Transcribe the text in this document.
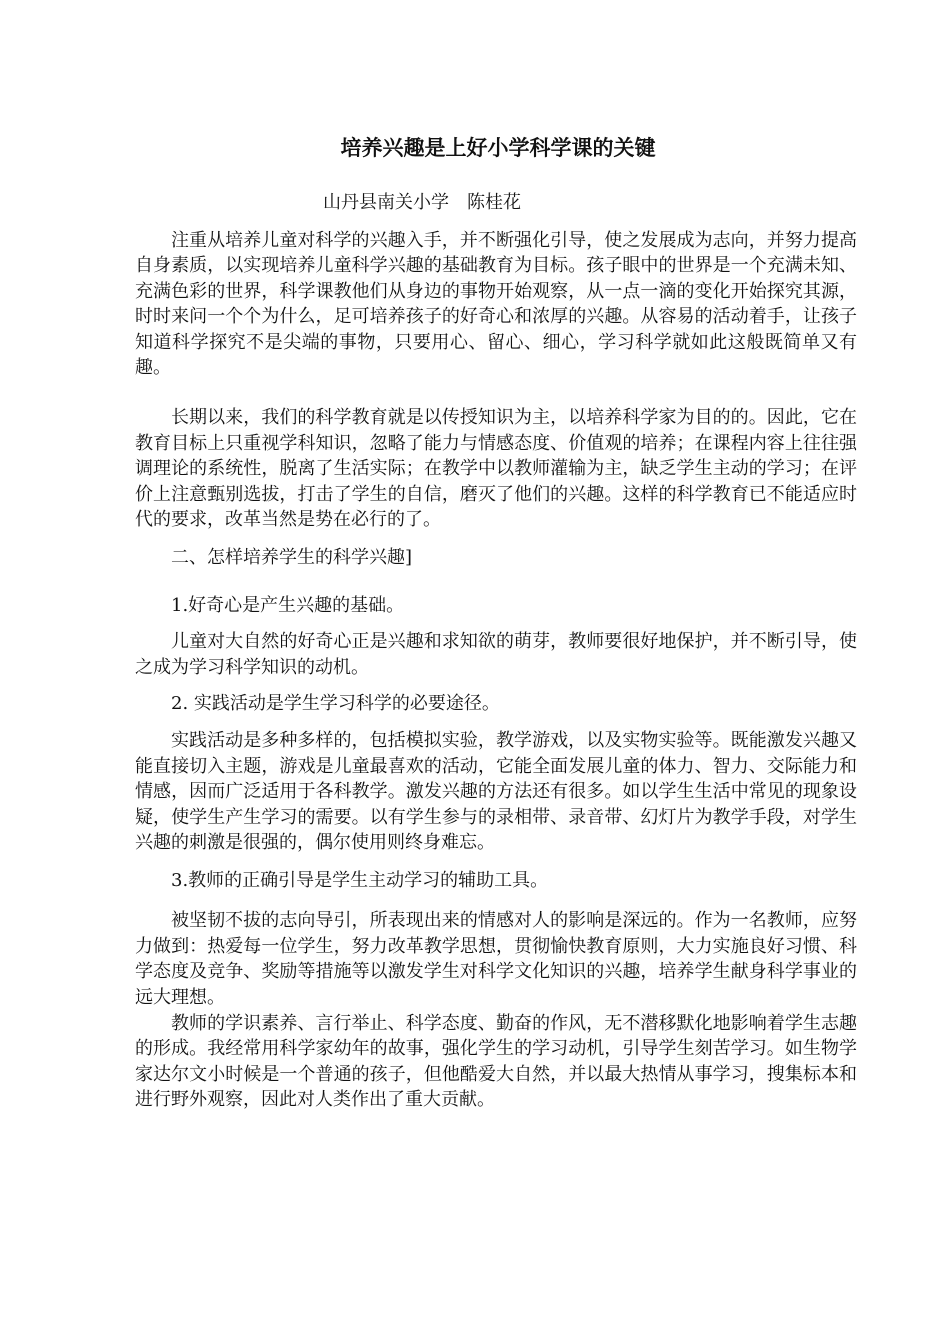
培养兴趣是上好小学科学课的关键
山丹县南关小学　陈桂花

注重从培养儿童对科学的兴趣入手，并不断强化引导，使之发展成为志向，并努力提高自身素质，以实现培养儿童科学兴趣的基础教育为目标。孩子眼中的世界是一个充满未知、充满色彩的世界，科学课教他们从身边的事物开始观察，从一点一滴的变化开始探究其源，时时来问一个个为什么，足可培养孩子的好奇心和浓厚的兴趣。从容易的活动着手，让孩子知道科学探究不是尖端的事物，只要用心、留心、细心，学习科学就如此这般既简单又有趣。

长期以来，我们的科学教育就是以传授知识为主，以培养科学家为目的的。因此，它在教育目标上只重视学科知识，忽略了能力与情感态度、价值观的培养；在课程内容上往往强调理论的系统性，脱离了生活实际；在教学中以教师灌输为主，缺乏学生主动的学习；在评价上注意甄别选拔，打击了学生的自信，磨灭了他们的兴趣。这样的科学教育已不能适应时代的要求，改革当然是势在必行的了。

二、怎样培养学生的科学兴趣]

1.好奇心是产生兴趣的基础。

儿童对大自然的好奇心正是兴趣和求知欲的萌芽，教师要很好地保护，并不断引导，使之成为学习科学知识的动机。

2. 实践活动是学生学习科学的必要途径。

实践活动是多种多样的，包括模拟实验，教学游戏，以及实物实验等。既能激发兴趣又能直接切入主题，游戏是儿童最喜欢的活动，它能全面发展儿童的体力、智力、交际能力和情感，因而广泛适用于各科教学。激发兴趣的方法还有很多。如以学生生活中常见的现象设疑，使学生产生学习的需要。以有学生参与的录相带、录音带、幻灯片为教学手段，对学生兴趣的刺激是很强的，偶尔使用则终身难忘。

3.教师的正确引导是学生主动学习的辅助工具。

被坚韧不拔的志向导引，所表现出来的情感对人的影响是深远的。作为一名教师，应努力做到：热爱每一位学生，努力改革教学思想，贯彻愉快教育原则，大力实施良好习惯、科学态度及竞争、奖励等措施等以激发学生对科学文化知识的兴趣，培养学生献身科学事业的远大理想。

教师的学识素养、言行举止、科学态度、勤奋的作风，无不潜移默化地影响着学生志趣的形成。我经常用科学家幼年的故事，强化学生的学习动机，引导学生刻苦学习。如生物学家达尔文小时候是一个普通的孩子，但他酷爱大自然，并以最大热情从事学习，搜集标本和进行野外观察，因此对人类作出了重大贡献。
